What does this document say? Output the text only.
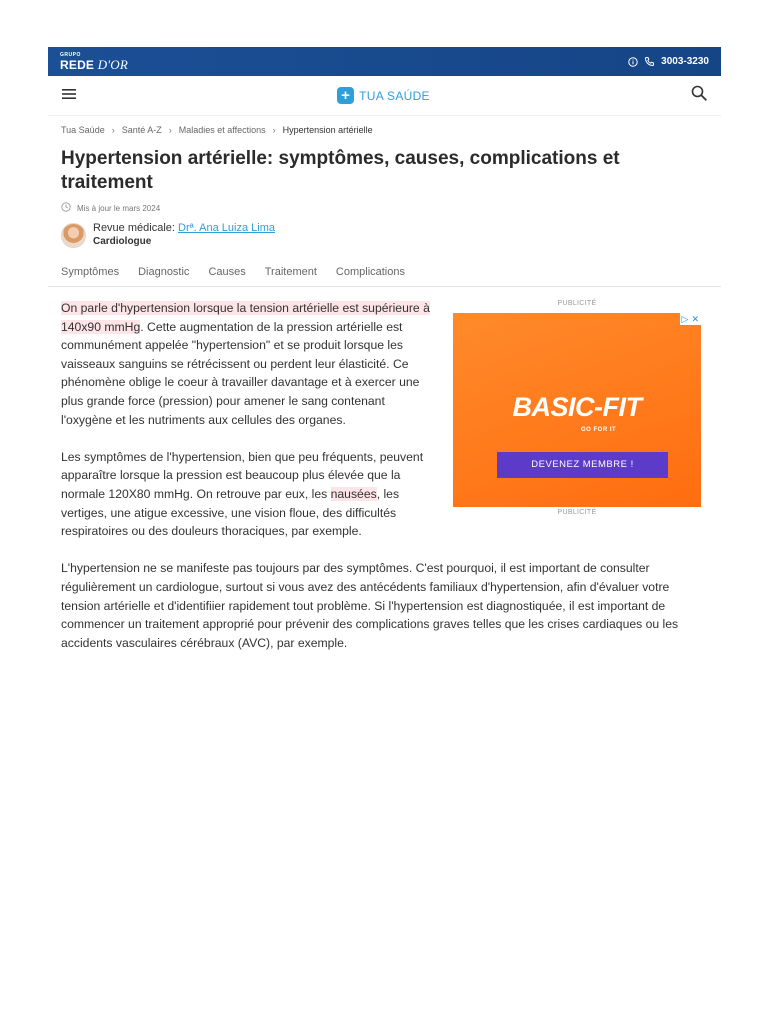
GRUPO
REDE D'OR	3003-3230
+ TUA SAÚDE
Tua Saúde › Santé A-Z › Maladies et affections › Hypertension artérielle
Hypertension artérielle: symptômes, causes, complications et traitement
Mis à jour le mars 2024
Revue médicale: Drª. Ana Luiza Lima
Cardiologue
Symptômes Diagnostic Causes Traitement Complications
PUBLICITÉ
▷ ✕
BASIC-FIT
GO FOR IT
DEVENEZ MEMBRE !
PUBLICITÉ

On parle d'hypertension lorsque la tension artérielle est supérieure à 140x90 mmHg. Cette augmentation de la pression artérielle est communément appelée "hypertension" et se produit lorsque les vaisseaux sanguins se rétrécissent ou perdent leur élasticité. Ce phénomène oblige le coeur à travailler davantage et à exercer une plus grande force (pression) pour amener le sang contenant l'oxygène et les nutriments aux cellules des organes.

Les symptômes de l'hypertension, bien que peu fréquents, peuvent apparaître lorsque la pression est beaucoup plus élevée que la normale 120X80 mmHg. On retrouve par eux, les nausées, les vertiges, une atigue excessive, une vision floue, des difficultés respiratoires ou des douleurs thoraciques, par exemple.

L'hypertension ne se manifeste pas toujours par des symptômes. C'est pourquoi, il est important de consulter régulièrement un cardiologue, surtout si vous avez des antécédents familiaux d'hypertension, afin d'évaluer votre tension artérielle et d'identifiier rapidement tout problème. Si l'hypertension est diagnostiquée, il est important de commencer un traitement approprié pour prévenir des complications graves telles que les crises cardiaques ou les accidents vasculaires cérébraux (AVC), par exemple.
